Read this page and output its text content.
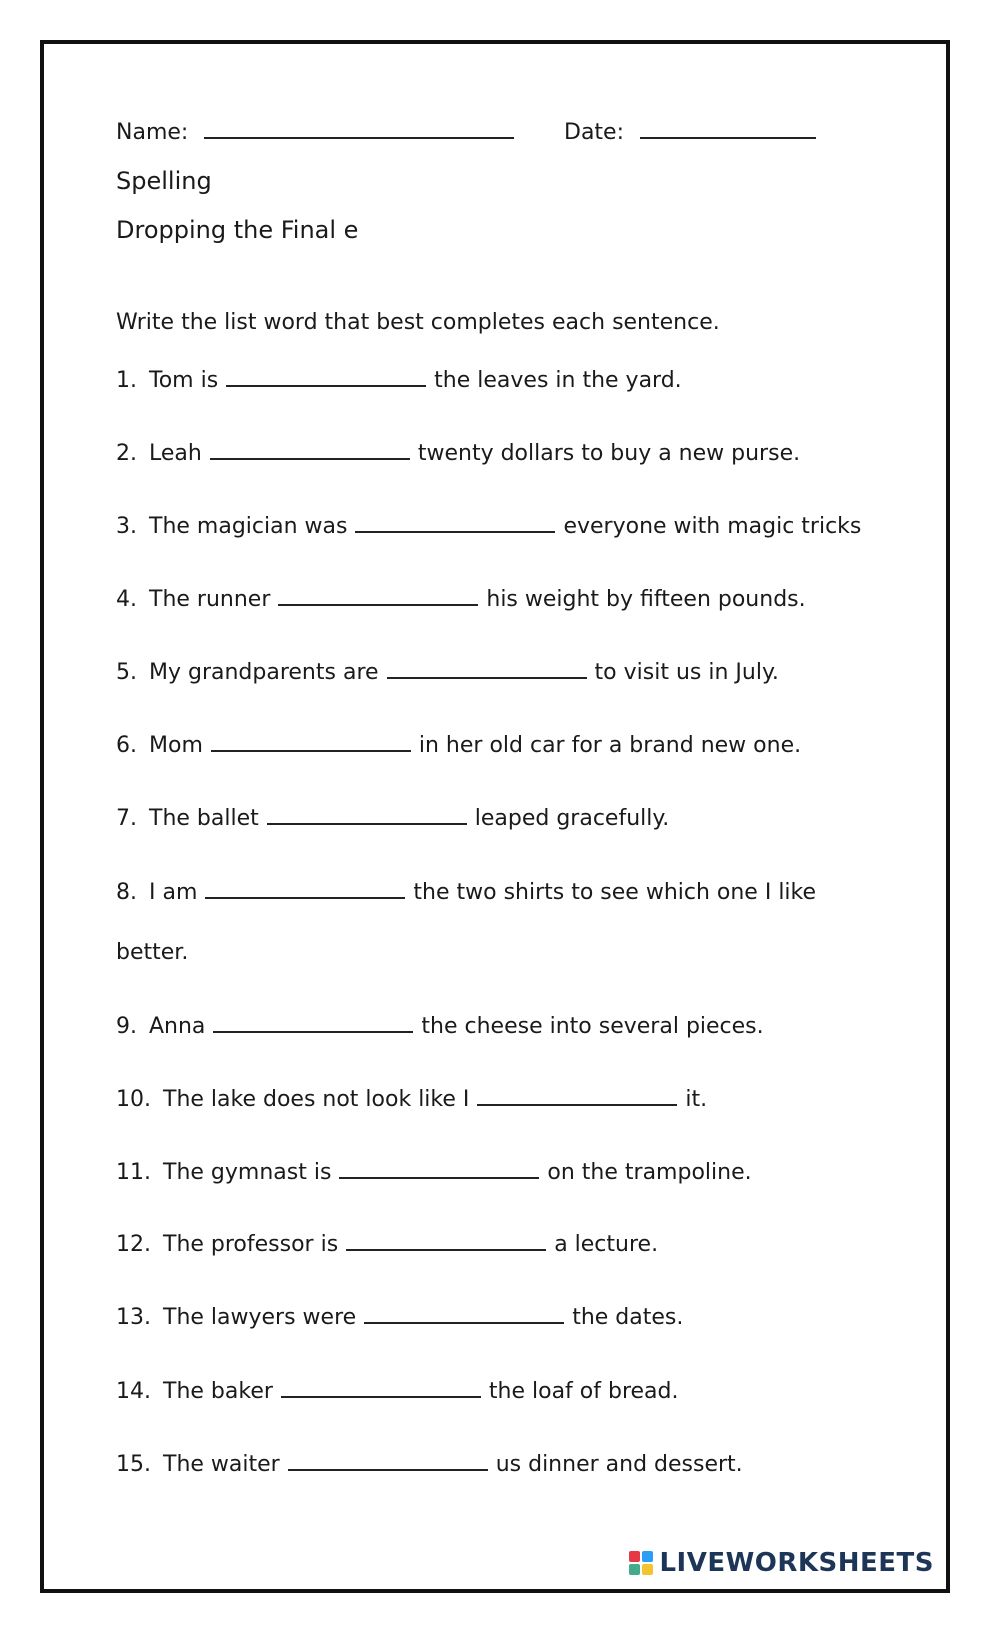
Name:	Date:
Spelling
Dropping the Final e
Write the list word that best completes each sentence.
1. Tom is	the leaves in the yard.
2. Leah	twenty dollars to buy a new purse.
3. The magician was	everyone with magic tricks
4. The runner	his weight by fifteen pounds.
5. My grandparents are	to visit us in July.
6. Mom	in her old car for a brand new one.
7. The ballet	leaped gracefully.
8. I am	the two shirts to see which one I like
better.
9. Anna	the cheese into several pieces.
10. The lake does not look like I	it.
11. The gymnast is	on the trampoline.
12. The professor is	a lecture.
13. The lawyers were	the dates.
14. The baker	the loaf of bread.
15. The waiter	us dinner and dessert.
LIVEWORKSHEETS
